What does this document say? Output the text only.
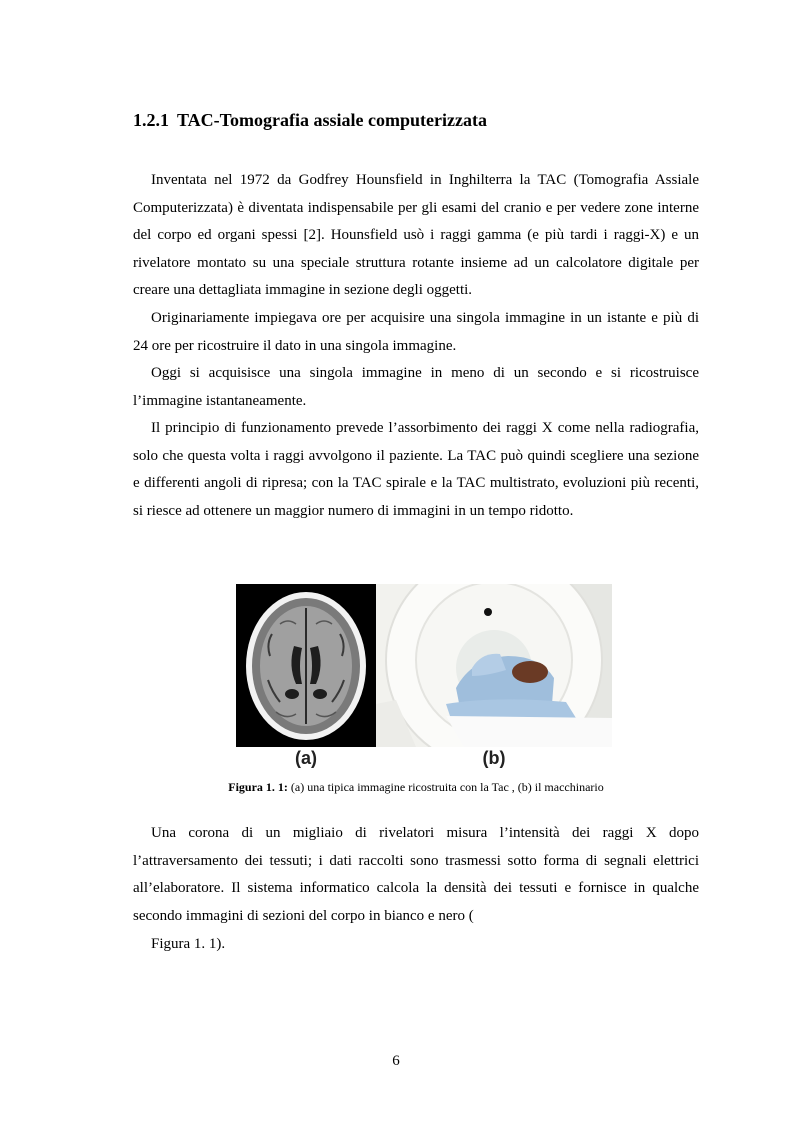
1.2.1 TAC-Tomografia assiale computerizzata

Inventata nel 1972 da Godfrey Hounsfield in Inghilterra la TAC (Tomografia Assiale Computerizzata) è diventata indispensabile per gli esami del cranio e per vedere zone interne del corpo ed organi spessi [2]. Hounsfield usò i raggi gamma (e più tardi i raggi-X) e un rivelatore montato su una speciale struttura rotante insieme ad un calcolatore digitale per creare una dettagliata immagine in sezione degli oggetti.

Originariamente impiegava ore per acquisire una singola immagine in un istante e più di 24 ore per ricostruire il dato in una singola immagine.

Oggi si acquisisce una singola immagine in meno di un secondo e si ricostruisce l’immagine istantaneamente.

Il principio di funzionamento prevede l’assorbimento dei raggi X come nella radiografia, solo che questa volta i raggi avvolgono il paziente. La TAC può quindi scegliere una sezione e differenti angoli di ripresa; con la TAC spirale e la TAC multistrato, evoluzioni più recenti, si riesce ad ottenere un maggior numero di immagini in un tempo ridotto.

(a)	(b)

Figura 1. 1: (a) una tipica immagine ricostruita con la Tac , (b) il macchinario

Una corona di un migliaio di rivelatori misura l’intensità dei raggi X dopo l’attraversamento dei tessuti; i dati raccolti sono trasmessi sotto forma di segnali elettrici all’elaboratore. Il sistema informatico calcola la densità dei tessuti e fornisce in qualche secondo immagini di sezioni del corpo in bianco e nero (

Figura 1. 1).

6
